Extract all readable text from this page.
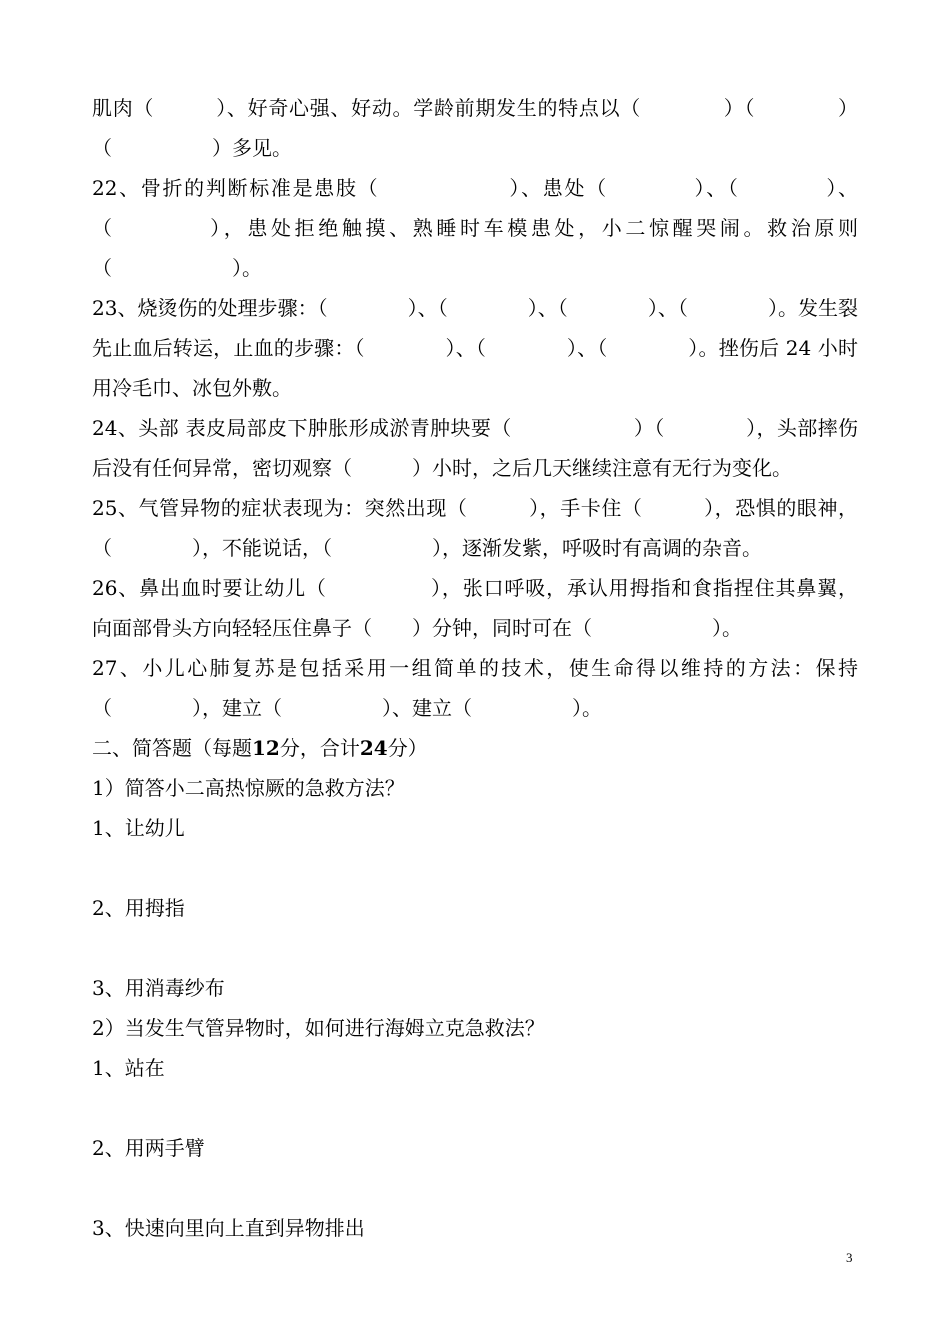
肌肉（　　　）、好奇心强、好动。学龄前期发生的特点以（　　　　）（　　　　）
（　　　　　）多见。
22、骨折的判断标准是患肢（　　　　　　）、患处（　　　　）、（　　　　）、　　　　
（　　　　），患处拒绝触摸、熟睡时车模患处，小二惊醒哭闹。救治原则
（　　　　　　）。
23、烧烫伤的处理步骤：（　　　　）、（　　　　）、（　　　　）、（　　　　）。发生裂
先止血后转运，止血的步骤：（　　　　）、（　　　　）、（　　　　）。挫伤后 24 小时
用冷毛巾、冰包外敷。
24、头部 表皮局部皮下肿胀形成淤青肿块要（　　　　　　）（　　　　），头部摔伤
后没有任何异常，密切观察（　　　）小时，之后几天继续注意有无行为变化。
25、气管异物的症状表现为：突然出现（　　　），手卡住（　　　），恐惧的眼神，
（　　　　），不能说话，（　　　　　），逐渐发紫，呼吸时有高调的杂音。
26、鼻出血时要让幼儿（　　　　　），张口呼吸，承认用拇指和食指捏住其鼻翼，
向面部骨头方向轻轻压住鼻子（　　）分钟，同时可在（　　　　　　）。
27、小儿心肺复苏是包括采用一组简单的技术，使生命得以维持的方法：保持
（　　　　），建立（　　　　　）、建立（　　　　　）。
二、简答题（每题12分，合计24分）
1）简答小二高热惊厥的急救方法？
1、让幼儿
2、用拇指
3、用消毒纱布
2）当发生气管异物时，如何进行海姆立克急救法？
1、站在
2、用两手臂
3、快速向里向上直到异物排出
3
